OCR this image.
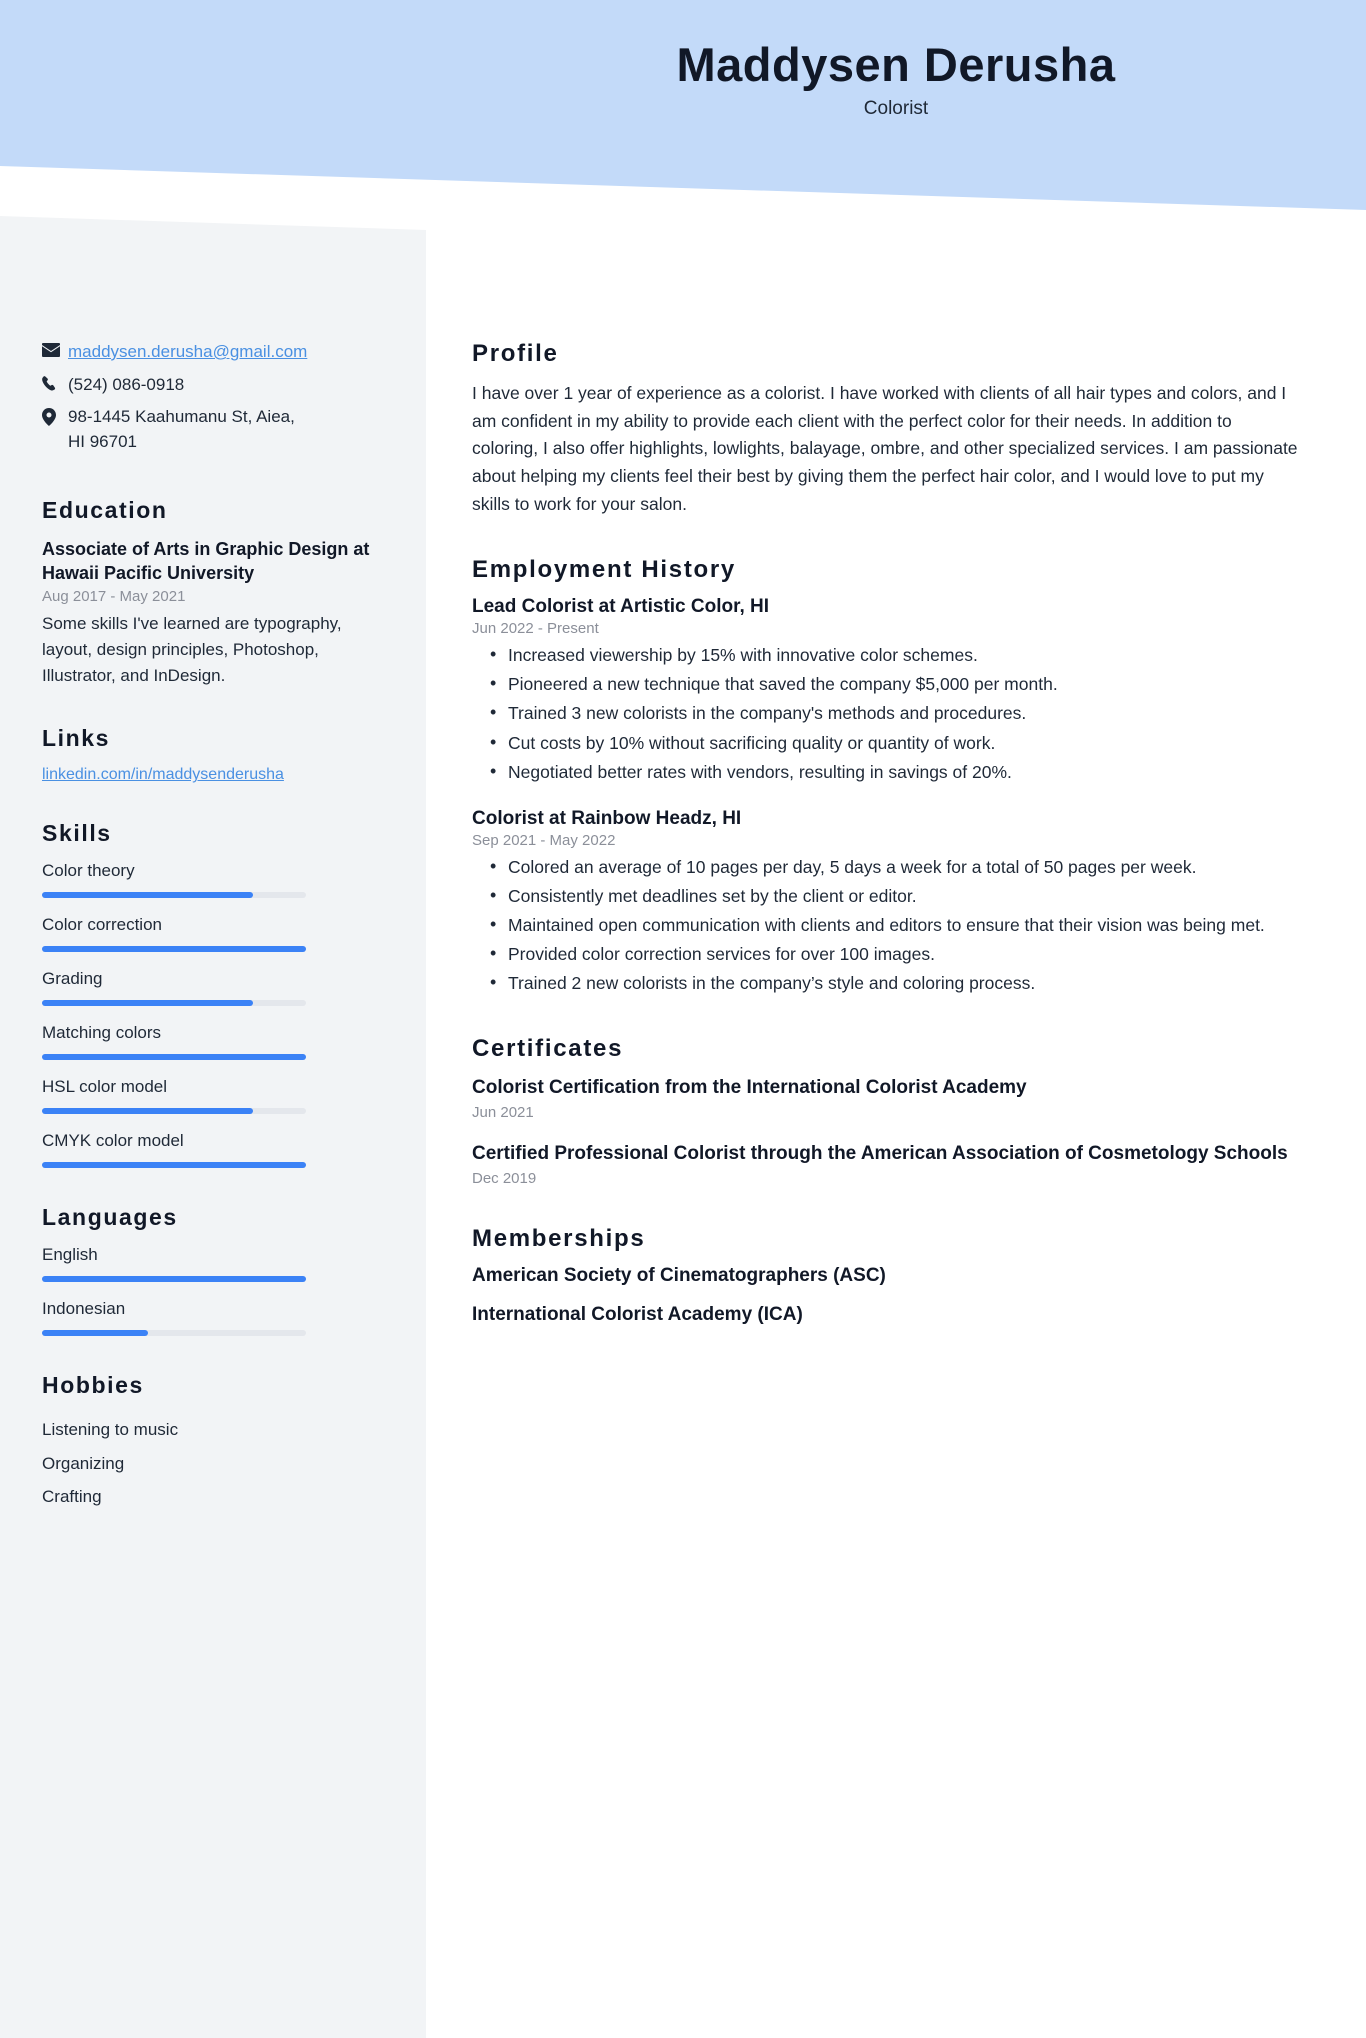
Maddysen Derusha
Colorist
maddysen.derusha@gmail.com
(524) 086-0918
98-1445 Kaahumanu St, Aiea,
HI 96701
Education
Associate of Arts in Graphic Design at Hawaii Pacific University
Aug 2017 - May 2021
Some skills I've learned are typography, layout, design principles, Photoshop, Illustrator, and InDesign.
Links
linkedin.com/in/maddysenderusha
Skills
Color theory
Color correction
Grading
Matching colors
HSL color model
CMYK color model
Languages
English
Indonesian
Hobbies
Listening to music
Organizing
Crafting
Profile

I have over 1 year of experience as a colorist. I have worked with clients of all hair types and colors, and I am confident in my ability to provide each client with the perfect color for their needs. In addition to coloring, I also offer highlights, lowlights, balayage, ombre, and other specialized services. I am passionate about helping my clients feel their best by giving them the perfect hair color, and I would love to put my skills to work for your salon.

Employment History
Lead Colorist at Artistic Color, HI
Jun 2022 - Present
• Increased viewership by 15% with innovative color schemes.
• Pioneered a new technique that saved the company $5,000 per month.
• Trained 3 new colorists in the company's methods and procedures.
• Cut costs by 10% without sacrificing quality or quantity of work.
• Negotiated better rates with vendors, resulting in savings of 20%.
Colorist at Rainbow Headz, HI
Sep 2021 - May 2022
• Colored an average of 10 pages per day, 5 days a week for a total of 50 pages per week.
• Consistently met deadlines set by the client or editor.
• Maintained open communication with clients and editors to ensure that their vision was being met.
• Provided color correction services for over 100 images.
• Trained 2 new colorists in the company’s style and coloring process.
Certificates
Colorist Certification from the International Colorist Academy
Jun 2021
Certified Professional Colorist through the American Association of Cosmetology Schools
Dec 2019
Memberships
American Society of Cinematographers (ASC)
International Colorist Academy (ICA)
